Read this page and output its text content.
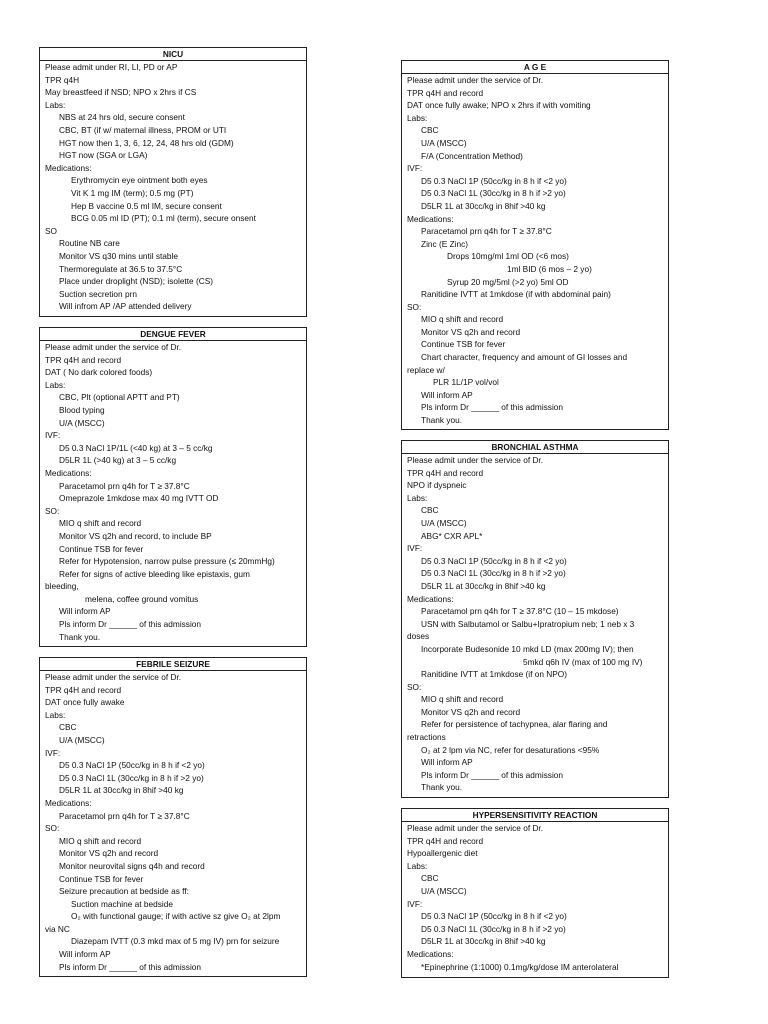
NICU
Please admit under RI, LI, PD or AP
TPR q4H
May breastfeed if NSD; NPO x 2hrs if CS
Labs:
NBS at 24 hrs old, secure consent
CBC, BT (if w/ maternal illness, PROM or UTI
HGT now then 1, 3, 6, 12, 24, 48 hrs old (GDM)
HGT now (SGA or LGA)
Medications:
Erythromycin eye ointment both eyes
Vit K 1 mg IM (term); 0.5 mg (PT)
Hep B vaccine 0.5 ml IM, secure consent
BCG 0.05 ml ID (PT); 0.1 ml (term), secure onsent
SO
Routine NB care
Monitor VS q30 mins until stable
Thermoregulate at 36.5 to 37.5°C
Place under droplight (NSD); isolette (CS)
Suction secretion prn
Will infrom AP /AP attended delivery
DENGUE FEVER
Please admit under the service of Dr.
TPR q4H and record
DAT ( No dark colored foods)
Labs:
CBC, Plt (optional APTT and PT)
Blood typing
U/A (MSCC)
IVF:
D5 0.3 NaCl 1P/1L (<40 kg) at 3 – 5 cc/kg
D5LR 1L (>40 kg) at 3 – 5 cc/kg
Medications:
Paracetamol prn q4h for T ≥ 37.8°C
Omeprazole 1mkdose max 40 mg IVTT OD
SO:
MIO q shift and record
Monitor VS q2h and record, to include BP
Continue TSB for fever
Refer for Hypotension, narrow pulse pressure (≤ 20mmHg)
Refer for signs of active bleeding like epistaxis, gum
bleeding,
melena, coffee ground vomitus
Will inform AP
Pls inform Dr ______ of this admission
Thank you.
FEBRILE SEIZURE
Please admit under the service of Dr.
TPR q4H and record
DAT once fully awake
Labs:
CBC
U/A (MSCC)
IVF:
D5 0.3 NaCl 1P (50cc/kg in 8 h if <2 yo)
D5 0.3 NaCl 1L (30cc/kg in 8 h if >2 yo)
D5LR 1L at 30cc/kg in 8hif >40 kg
Medications:
Paracetamol prn q4h for T ≥ 37.8°C
SO:
MIO q shift and record
Monitor VS q2h and record
Monitor neurovital signs q4h and record
Continue TSB for fever
Seizure precaution at bedside as ff:
Suction machine at bedside
O₂ with functional gauge; if with active sz give O₂ at 2lpm
via NC
Diazepam IVTT (0.3 mkd max of 5 mg IV) prn for seizure
Will inform AP
Pls inform Dr ______ of this admission
A G E
Please admit under the service of Dr.
TPR q4H and record
DAT once fully awake; NPO x 2hrs if with vomiting
Labs:
CBC
U/A (MSCC)
F/A (Concentration Method)
IVF:
D5 0.3 NaCl 1P (50cc/kg in 8 h if <2 yo)
D5 0.3 NaCl 1L (30cc/kg in 8 h if >2 yo)
D5LR 1L at 30cc/kg in 8hif >40 kg
Medications:
Paracetamol prn q4h for T ≥ 37.8°C
Zinc (E Zinc)
Drops 10mg/ml 1ml OD (<6 mos)
1ml BID (6 mos – 2 yo)
Syrup 20 mg/5ml (>2 yo) 5ml OD
Ranitidine IVTT at 1mkdose (if with abdominal pain)
SO:
MIO q shift and record
Monitor VS q2h and record
Continue TSB for fever
Chart character, frequency and amount of GI losses and
replace w/
PLR 1L/1P vol/vol
Will inform AP
Pls inform Dr ______ of this admission
Thank you.
BRONCHIAL ASTHMA
Please admit under the service of Dr.
TPR q4H and record
NPO if dyspneic
Labs:
CBC
U/A (MSCC)
ABG* CXR APL*
IVF:
D5 0.3 NaCl 1P (50cc/kg in 8 h if <2 yo)
D5 0.3 NaCl 1L (30cc/kg in 8 h if >2 yo)
D5LR 1L at 30cc/kg in 8hif >40 kg
Medications:
Paracetamol prn q4h for T ≥ 37.8°C (10 – 15 mkdose)
USN with Salbutamol or Salbu+Ipratropium neb; 1 neb x 3
doses
Incorporate Budesonide 10 mkd LD (max 200mg IV); then
5mkd q6h IV (max of 100 mg IV)
Ranitidine IVTT at 1mkdose (if on NPO)
SO:
MIO q shift and record
Monitor VS q2h and record
Refer for persistence of tachypnea, alar flaring and
retractions
O₂ at 2 lpm via NC, refer for desaturations <95%
Will inform AP
Pls inform Dr ______ of this admission
Thank you.
HYPERSENSITIVITY REACTION
Please admit under the service of Dr.
TPR q4H and record
Hypoallergenic diet
Labs:
CBC
U/A (MSCC)
IVF:
D5 0.3 NaCl 1P (50cc/kg in 8 h if <2 yo)
D5 0.3 NaCl 1L (30cc/kg in 8 h if >2 yo)
D5LR 1L at 30cc/kg in 8hif >40 kg
Medications:
*Epinephrine (1:1000) 0.1mg/kg/dose IM anterolateral
